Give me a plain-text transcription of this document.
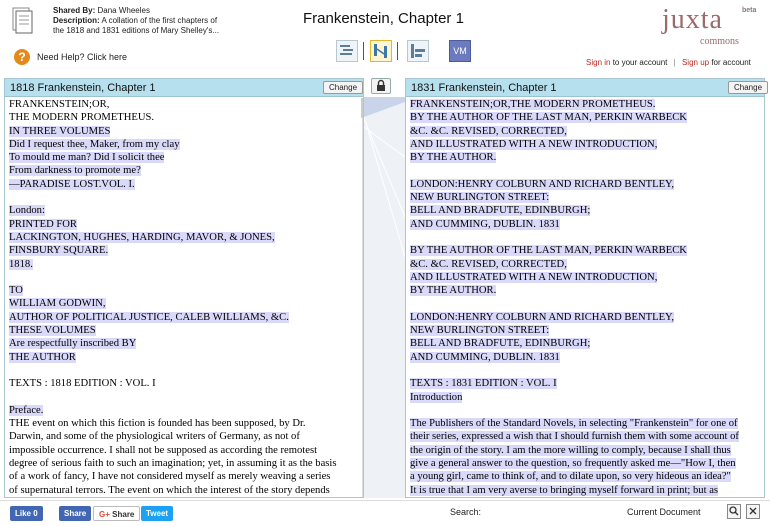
Shared By: Dana Wheeles
Description: A collation of the first chapters of
the 1818 and 1831 editions of Mary Shelley's...
?	Need Help? Click here
Frankenstein, Chapter 1
VM
juxta	beta
commons
Sign in to your account | Sign up for account
1818 Frankenstein, Chapter 1	Change
FRANKENSTEIN;OR,
THE MODERN PROMETHEUS.
IN THREE VOLUMES
Did I request thee, Maker, from my clay
To mould me man? Did I solicit thee
From darkness to promote me?
—PARADISE LOST.VOL. I.
London:
PRINTED FOR
LACKINGTON, HUGHES, HARDING, MAVOR, & JONES,
FINSBURY SQUARE.
1818.
TO
WILLIAM GODWIN,
AUTHOR OF POLITICAL JUSTICE, CALEB WILLIAMS, &C.
THESE VOLUMES
Are respectfully inscribed BY
THE AUTHOR
TEXTS : 1818 EDITION : VOL. I
Preface.
THE event on which this fiction is founded has been supposed, by Dr.
Darwin, and some of the physiological writers of Germany, as not of
impossible occurrence. I shall not be supposed as according the remotest
degree of serious faith to such an imagination; yet, in assuming it as the basis
of a work of fancy, I have not considered myself as merely weaving a series
of supernatural terrors. The event on which the interest of the story depends
1831 Frankenstein, Chapter 1	Change
FRANKENSTEIN;OR,THE MODERN PROMETHEUS.
BY THE AUTHOR OF THE LAST MAN, PERKIN WARBECK
&C. &C. REVISED, CORRECTED,
AND ILLUSTRATED WITH A NEW INTRODUCTION,
BY THE AUTHOR.
LONDON:HENRY COLBURN AND RICHARD BENTLEY,
NEW BURLINGTON STREET:
BELL AND BRADFUTE, EDINBURGH;
AND CUMMING, DUBLIN. 1831
BY THE AUTHOR OF THE LAST MAN, PERKIN WARBECK
&C. &C. REVISED, CORRECTED,
AND ILLUSTRATED WITH A NEW INTRODUCTION,
BY THE AUTHOR.
LONDON:HENRY COLBURN AND RICHARD BENTLEY,
NEW BURLINGTON STREET:
BELL AND BRADFUTE, EDINBURGH;
AND CUMMING, DUBLIN. 1831
TEXTS : 1831 EDITION : VOL. I
Introduction
The Publishers of the Standard Novels, in selecting "Frankenstein" for one of
their series, expressed a wish that I should furnish them with some account of
the origin of the story. I am the more willing to comply, because I shall thus
give a general answer to the question, so frequently asked me—"How I, then
a young girl, came to think of, and to dilate upon, so very hideous an idea?"
It is true that I am very averse to bringing myself forward in print; but as
Like 0	Share	G+ Share	Tweet	Search:	Current Document
